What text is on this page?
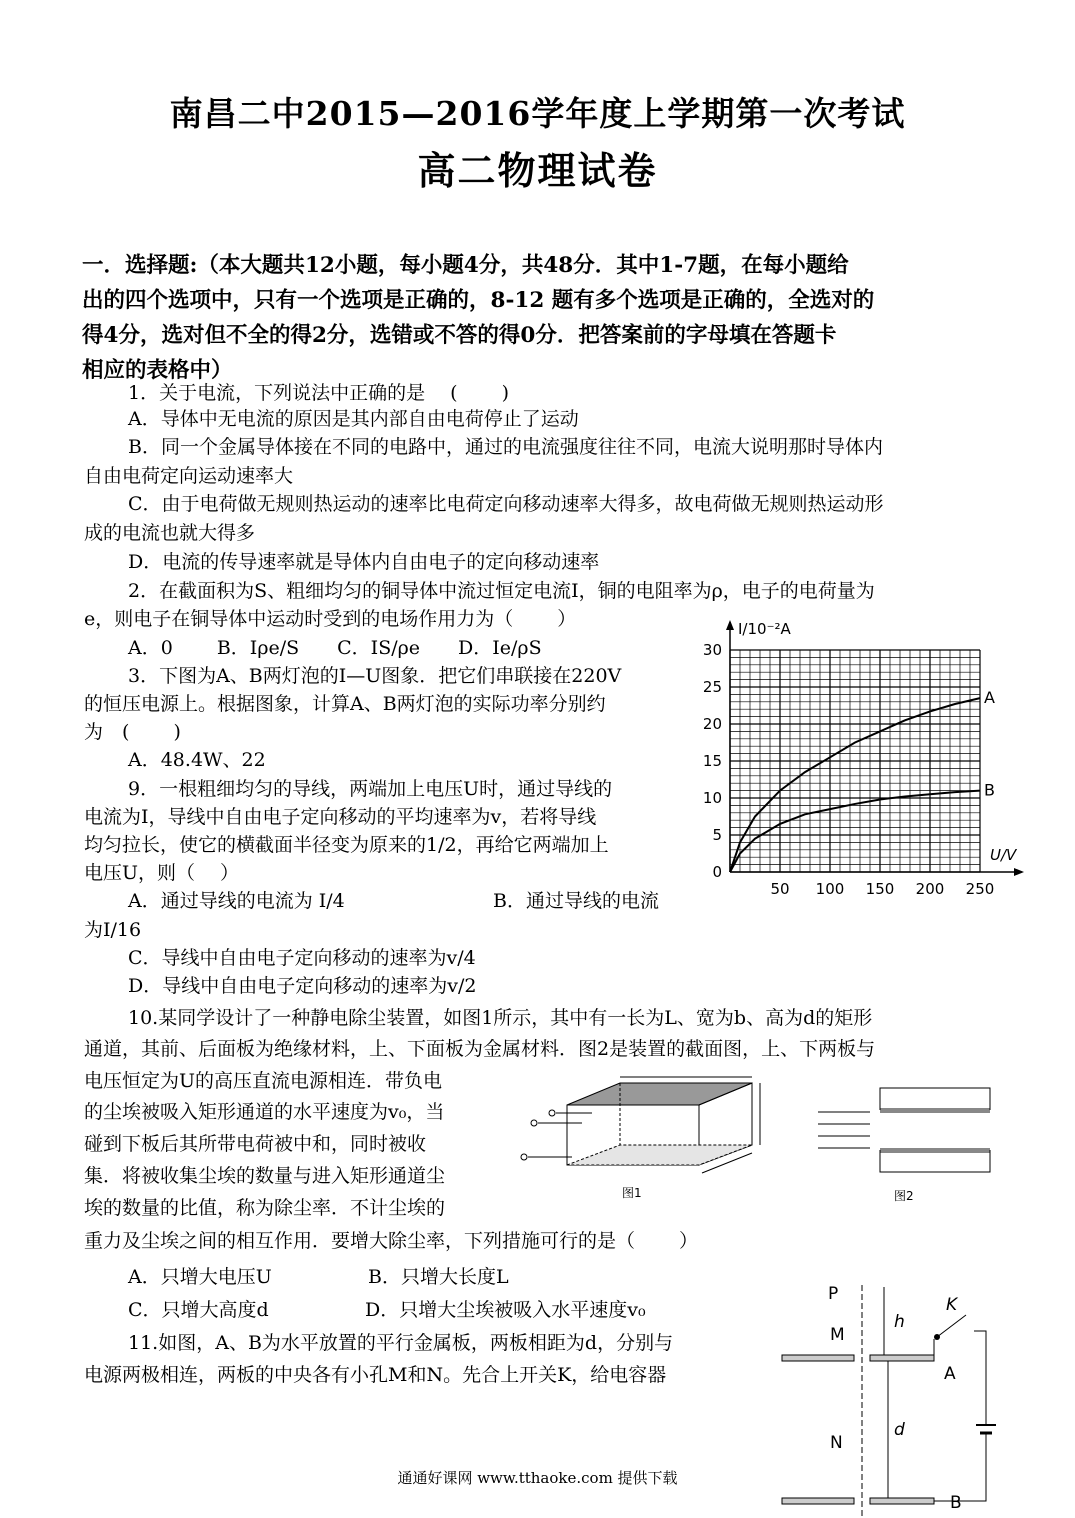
南昌二中2015—2016学年度上学期第一次考试
高二物理试卷
一．选择题:（本大题共12小题，每小题4分，共48分．其中1-7题，在每小题给
出的四个选项中，只有一个选项是正确的，8-12 题有多个选项是正确的，全选对的
得4分，选对但不全的得2分，选错或不答的得0分．把答案前的字母填在答题卡
相应的表格中）
1．关于电流，下列说法中正确的是　 (　　 )
A．导体中无电流的原因是其内部自由电荷停止了运动
B．同一个金属导体接在不同的电路中，通过的电流强度往往不同，电流大说明那时导体内
自由电荷定向运动速率大
C．由于电荷做无规则热运动的速率比电荷定向移动速率大得多，故电荷做无规则热运动形
成的电流也就大得多
D．电流的传导速率就是导体内自由电子的定向移动速率
2．在截面积为S、粗细均匀的铜导体中流过恒定电流I，铜的电阻率为ρ，电子的电荷量为
e，则电子在铜导体中运动时受到的电场作用力为（　　 ）
A．0　　 B．Iρe/S　　C．IS/ρe　　D．Ie/ρS
3．下图为A、B两灯泡的I—U图象．把它们串联接在220V
的恒压电源上。根据图象，计算A、B两灯泡的实际功率分别约
为　(　　 )
A．48.4W、22
9．一根粗细均匀的导线，两端加上电压U时，通过导线的
电流为I，导线中自由电子定向移动的平均速率为v，若将导线
均匀拉长，使它的横截面半径变为原来的1/2，再给它两端加上
电压U，则（　 ）
A．通过导线的电流为 I/4	B．通过导线的电流
为I/16
C．导线中自由电子定向移动的速率为v/4
D．导线中自由电子定向移动的速率为v/2
10.某同学设计了一种静电除尘装置，如图1所示，其中有一长为L、宽为b、高为d的矩形
通道，其前、后面板为绝缘材料，上、下面板为金属材料．图2是装置的截面图，上、下两板与
电压恒定为U的高压直流电源相连．带负电
的尘埃被吸入矩形通道的水平速度为v₀，当
碰到下板后其所带电荷被中和，同时被收
集．将被收集尘埃的数量与进入矩形通道尘
埃的数量的比值，称为除尘率．不计尘埃的
重力及尘埃之间的相互作用．要增大除尘率，下列措施可行的是（　　 ）
A．只增大电压U	B．只增大长度L
C．只增大高度d	D．只增大尘埃被吸入水平速度v₀
11.如图，A、B为水平放置的平行金属板，两板相距为d，分别与
电源两极相连，两板的中央各有小孔M和N。先合上开关K，给电容器
通通好课网 www.tthaoke.com 提供下载
0
5
10
15
20
25
30
50 100 150 200 250
A
B
I/10⁻²A
U/V
图1	图2
P
M
N
h
d
A
B
K
